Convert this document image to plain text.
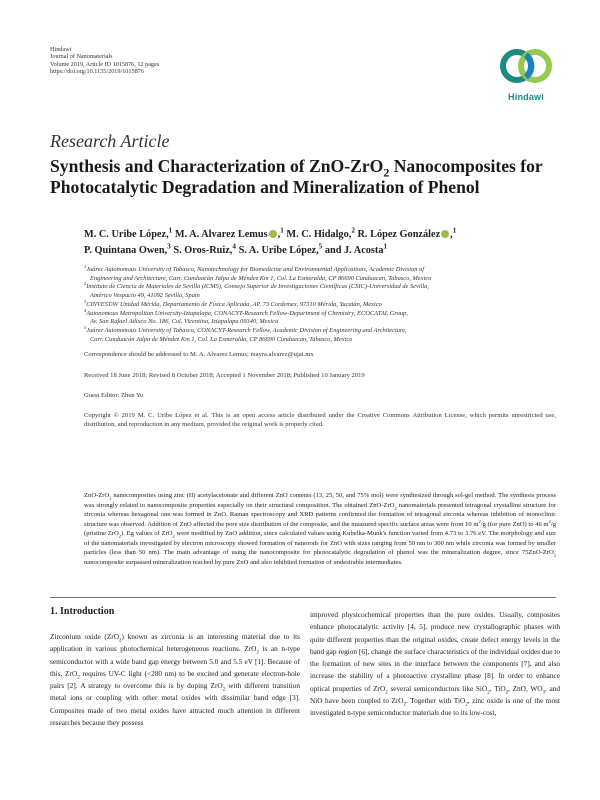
Hindawi
Journal of Nanomaterials
Volume 2019, Article ID 1015876, 12 pages
https://doi.org/10.1155/2019/1015876
Hindawi
Research Article
Synthesis and Characterization of ZnO-ZrO$_2$ Nanocomposites for
Photocatalytic Degradation and Mineralization of Phenol
M. C. Uribe López,$^1$ M. A. Alvarez Lemus ,$^1$ M. C. Hidalgo,$^2$ R. López González ,$^1$
P. Quintana Owen,$^3$ S. Oros-Ruiz,$^4$ S. A. Uribe López,$^5$ and J. Acosta$^1$

$^1$Juárez Autonomous University of Tabasco, Nanotechnology for Biomedicine and Environmental Applications, Academic Division of

Engineering and Architecture, Carr. Cunduacán Jalpa de Méndez Km 1, Col. La Esmeralda, CP 86690 Cunduacan, Tabasco, Mexico

$^2$Instituto de Ciencia de Materiales de Sevilla (ICMS), Consejo Superior de Investigaciones Científicas (CSIC)-Universidad de Sevilla,

Américo Vespucio 49, 41092 Sevilla, Spain

$^3$CINVESTAV Unidad Mérida, Departamento de Física Aplicada, AP. 73 Cordemex, 97310 Mérida, Yucatán, Mexico

$^4$Autonomous Metropolitan University-Iztapalapa, CONACYT-Research Fellow-Department of Chemistry, ECOCATAL Group,

Av. San Rafael Atlixco No. 186, Col. Vicentina, Iztapalapa 09340, Mexico

$^5$Juárez Autonomous University of Tabasco, CONACYT-Research Fellow, Academic Division of Engineering and Architecture,

Carr. Cunduacán Jalpa de Méndez Km 1, Col. La Esmeralda, CP 86690 Cunduacan, Tabasco, Mexico

Correspondence should be addressed to M. A. Alvarez Lemus; mayra.alvarez@ujat.mx
Received 18 June 2018; Revised 8 October 2018; Accepted 1 November 2018; Published 10 January 2019
Guest Editor: Zhen Yu
Copyright © 2019 M. C. Uribe López et al. This is an open access article distributed under the Creative Commons Attribution License, which permits unrestricted use, distribution, and reproduction in any medium, provided the original work is properly cited.
ZnO-ZrO$_2$ nanocomposites using zinc (II) acetylacetonate and different ZnO contents (13, 25, 50, and 75% mol) were synthesized through sol-gel method. The synthesis process was strongly related to nanocomposite properties especially on their structural composition. The obtained ZnO-ZrO$_2$ nanomaterials presented tetragonal crystalline structure for zirconia whereas hexagonal one was formed in ZnO. Raman spectroscopy and XRD patterns confirmed the formation of tetragonal zirconia whereas inhibition of monoclinic structure was observed. Addition of ZnO affected the pore size distribution of the composite, and the measured specific surface areas were from 10 $m^2/g$ (for pure ZnO) to 46 $m^2/g$ (pristine ZrO$_2$). Eg values of ZrO$_2$ were modified by ZnO addition, since calculated values using Kubelka-Munk's function varied from 4.73 to 3.76 eV. The morphology and size of the nanomaterials investigated by electron microscopy showed formation of nanorods for ZnO with sizes ranging from 50 nm to 300 nm while zirconia was formed by smaller particles (less than 50 nm). The main advantage of using the nanocomposite for photocatalytic degradation of phenol was the mineralization degree, since 75ZnO-ZrO$_2$ nanocomposite surpassed mineralization reached by pure ZnO and also inhibited formation of undesirable intermediates.
1. Introduction
Zirconium oxide (ZrO$_2$) known as zirconia is an interesting material due to its application in various photochemical heterogeneous reactions. ZrO$_2$ is an n-type semiconductor with a wide band gap energy between 5.0 and 5.5 eV [1]. Because of this, ZrO$_2$ requires UV-C light (<280 nm) to be excited and generate electron-hole pairs [2]. A strategy to overcome this is by doping ZrO$_2$ with different transition metal ions or coupling with other metal oxides with dissimilar band edge [3]. Composites made of two metal oxides have attracted much attention in different researches because they possess
improved physicochemical properties than the pure oxides. Usually, composites enhance photocatalytic activity [4, 5], produce new crystallographic phases with quite different properties than the original oxides, create defect energy levels in the band gap region [6], change the surface characteristics of the individual oxides due to the formation of new sites in the interface between the components [7], and also increase the stability of a photoactive crystalline phase [8]. In order to enhance optical properties of ZrO$_2$ several semiconductors like SiO$_2$, TiO$_2$, ZnO, $WO_3$, and NiO have been coupled to ZrO$_2$. Together with TiO$_2$, zinc oxide is one of the most investigated n-type semiconductor materials due to its low-cost,
